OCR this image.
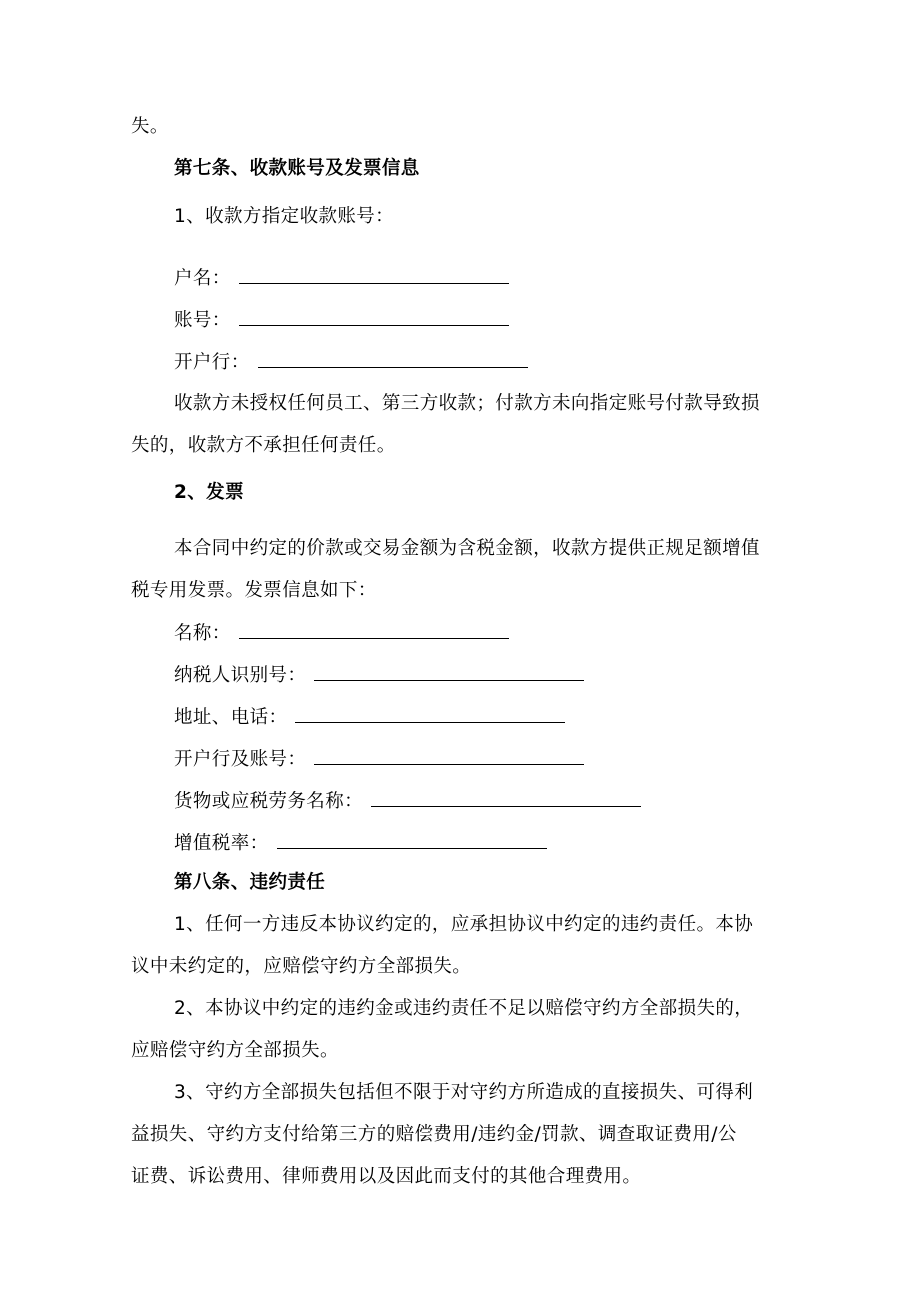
失。
第七条、收款账号及发票信息
1、收款方指定收款账号：
户名：
账号：
开户行：
收款方未授权任何员工、第三方收款；付款方未向指定账号付款导致损
失的，收款方不承担任何责任。
2、发票
本合同中约定的价款或交易金额为含税金额，收款方提供正规足额增值
税专用发票。发票信息如下：
名称：
纳税人识别号：
地址、电话：
开户行及账号：
货物或应税劳务名称：
增值税率：
第八条、违约责任
1、任何一方违反本协议约定的，应承担协议中约定的违约责任。本协
议中未约定的，应赔偿守约方全部损失。
2、本协议中约定的违约金或违约责任不足以赔偿守约方全部损失的，
应赔偿守约方全部损失。
3、守约方全部损失包括但不限于对守约方所造成的直接损失、可得利
益损失、守约方支付给第三方的赔偿费用/违约金/罚款、调查取证费用/公
证费、诉讼费用、律师费用以及因此而支付的其他合理费用。
